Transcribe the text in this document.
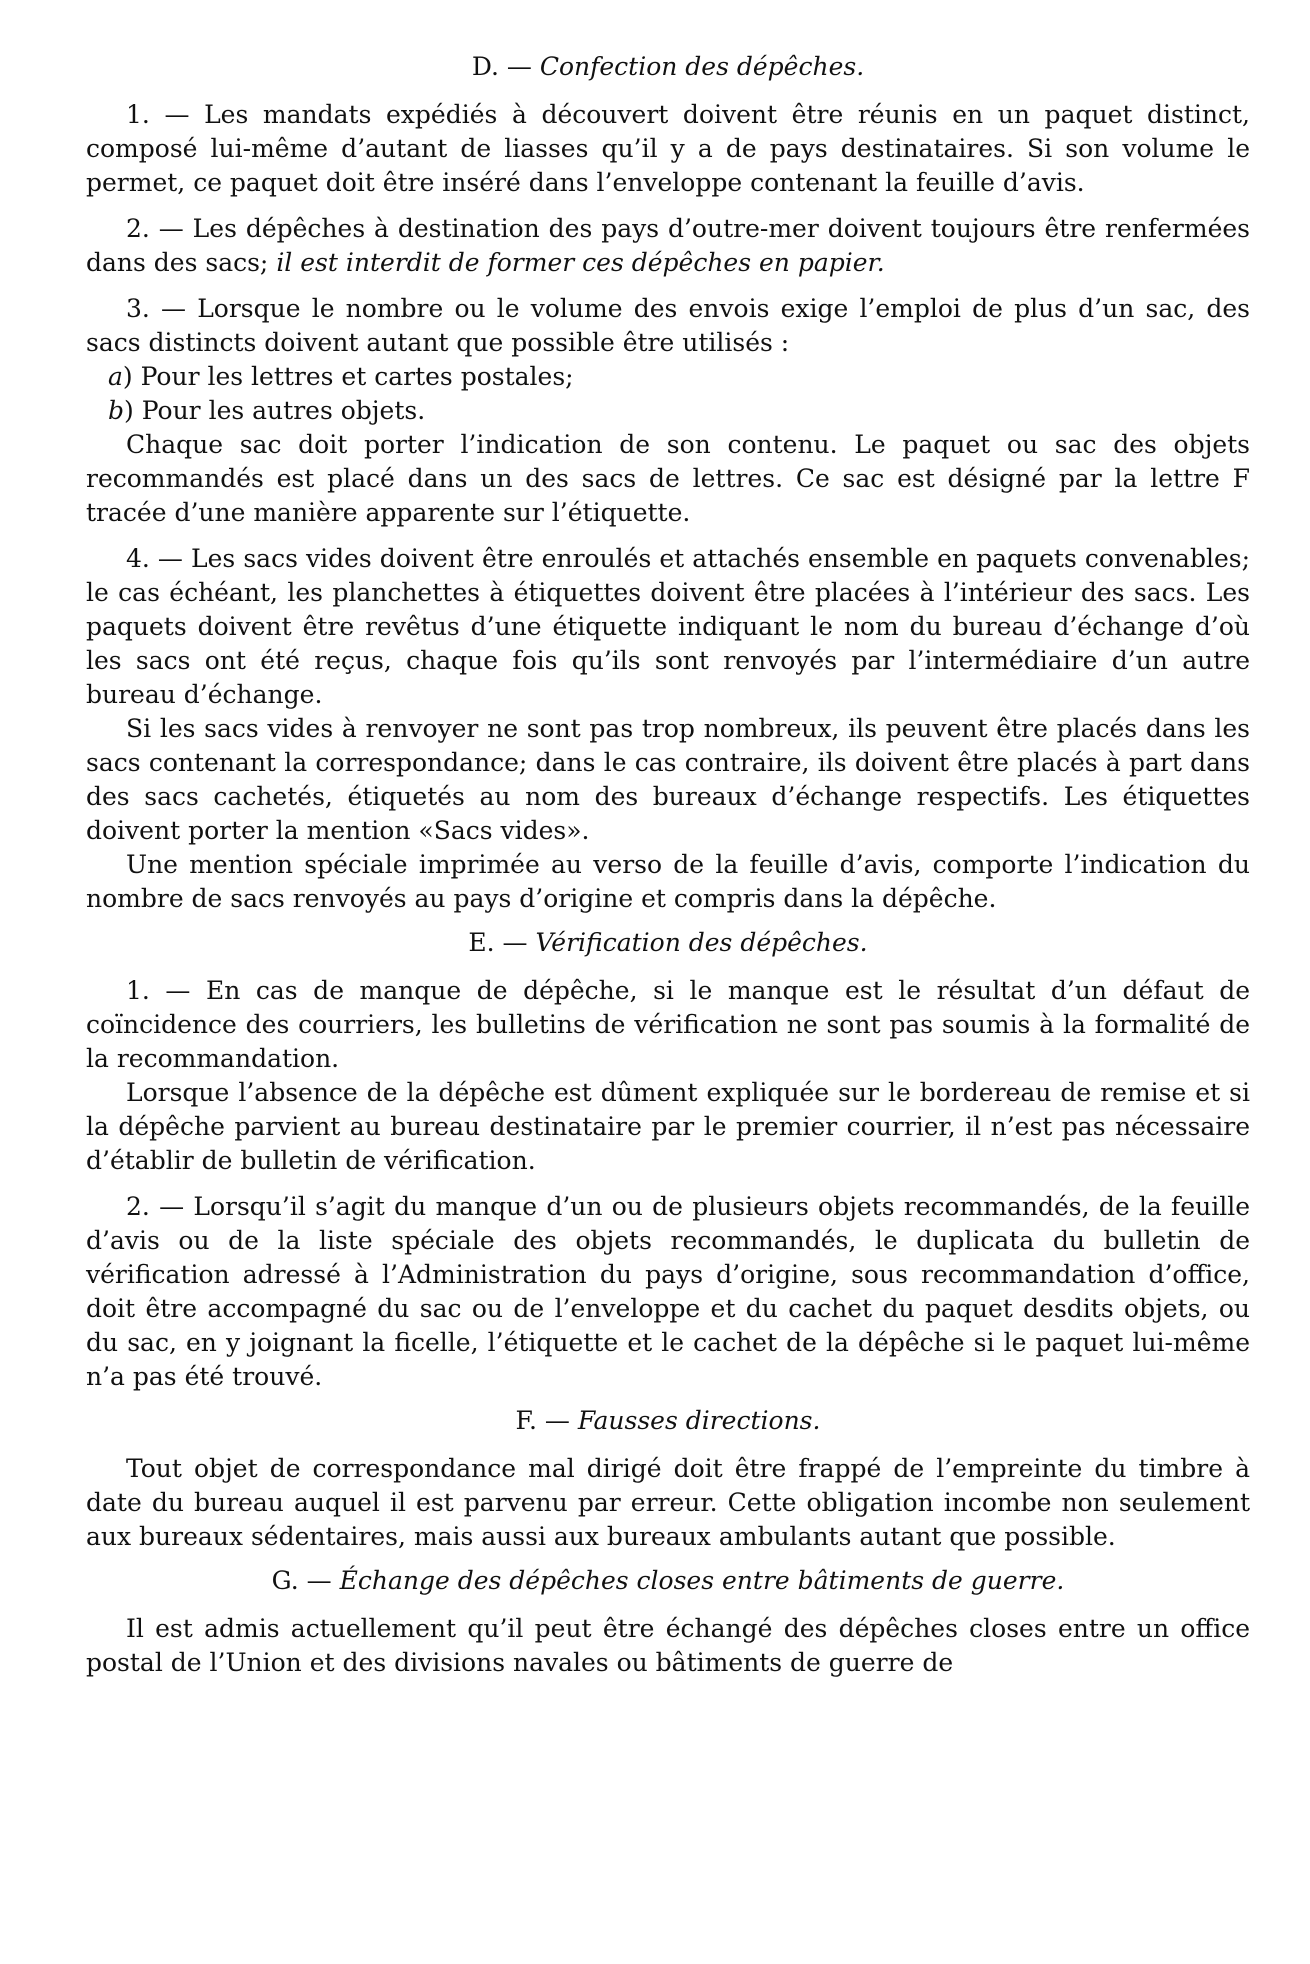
D. — Confection des dépêches.

1. — Les mandats expédiés à découvert doivent être réunis en un paquet distinct, composé lui-même d’autant de liasses qu’il y a de pays destinataires. Si son volume le permet, ce paquet doit être inséré dans l’enveloppe contenant la feuille d’avis.

2. — Les dépêches à destination des pays d’outre-mer doivent toujours être renfermées dans des sacs; il est interdit de former ces dépêches en papier.

3. — Lorsque le nombre ou le volume des envois exige l’emploi de plus d’un sac, des sacs distincts doivent autant que possible être utilisés :

a) Pour les lettres et cartes postales;

b) Pour les autres objets.

Chaque sac doit porter l’indication de son contenu. Le paquet ou sac des objets recommandés est placé dans un des sacs de lettres. Ce sac est désigné par la lettre F tracée d’une manière apparente sur l’étiquette.

4. — Les sacs vides doivent être enroulés et attachés ensemble en paquets convenables; le cas échéant, les planchettes à étiquettes doivent être placées à l’intérieur des sacs. Les paquets doivent être revêtus d’une étiquette indiquant le nom du bureau d’échange d’où les sacs ont été reçus, chaque fois qu’ils sont renvoyés par l’intermédiaire d’un autre bureau d’échange.

Si les sacs vides à renvoyer ne sont pas trop nombreux, ils peuvent être placés dans les sacs contenant la correspondance; dans le cas contraire, ils doivent être placés à part dans des sacs cachetés, étiquetés au nom des bureaux d’échange respectifs. Les étiquettes doivent porter la mention «Sacs vides».

Une mention spéciale imprimée au verso de la feuille d’avis, comporte l’indication du nombre de sacs renvoyés au pays d’origine et compris dans la dépêche.

E. — Vérification des dépêches.

1. — En cas de manque de dépêche, si le manque est le résultat d’un défaut de coïncidence des courriers, les bulletins de vérification ne sont pas soumis à la formalité de la recommandation.

Lorsque l’absence de la dépêche est dûment expliquée sur le bordereau de remise et si la dépêche parvient au bureau destinataire par le premier courrier, il n’est pas nécessaire d’établir de bulletin de vérification.

2. — Lorsqu’il s’agit du manque d’un ou de plusieurs objets recommandés, de la feuille d’avis ou de la liste spéciale des objets recommandés, le duplicata du bulletin de vérification adressé à l’Administration du pays d’origine, sous recommandation d’office, doit être accompagné du sac ou de l’enveloppe et du cachet du paquet desdits objets, ou du sac, en y joignant la ficelle, l’étiquette et le cachet de la dépêche si le paquet lui-même n’a pas été trouvé.

F. — Fausses directions.

Tout objet de correspondance mal dirigé doit être frappé de l’empreinte du timbre à date du bureau auquel il est parvenu par erreur. Cette obligation incombe non seulement aux bureaux sédentaires, mais aussi aux bureaux ambulants autant que possible.

G. — Échange des dépêches closes entre bâtiments de guerre.

Il est admis actuellement qu’il peut être échangé des dépêches closes entre un office postal de l’Union et des divisions navales ou bâtiments de guerre de
